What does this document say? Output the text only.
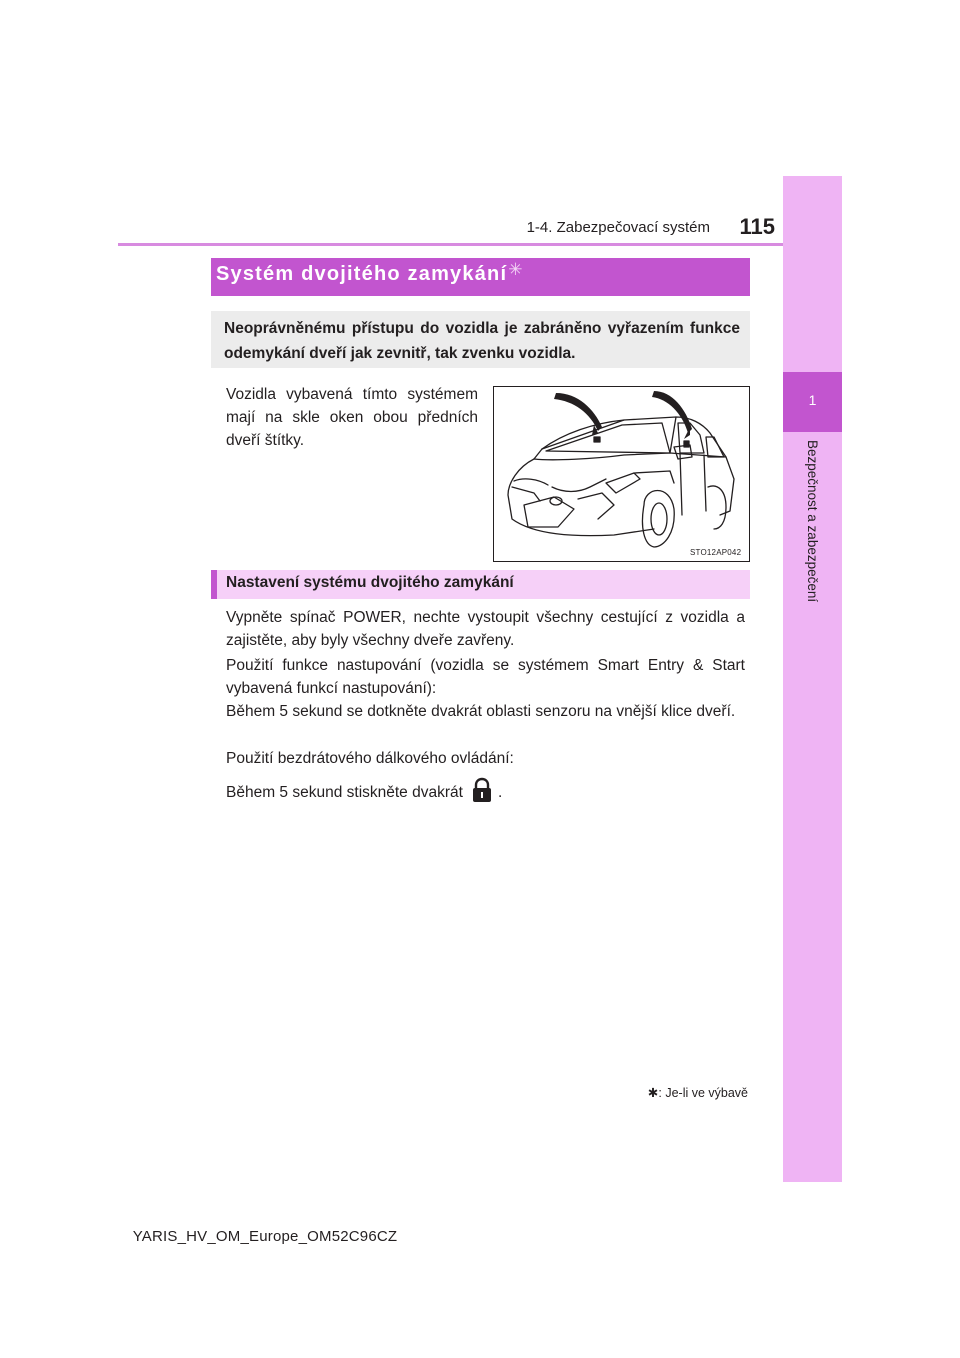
1-4. Zabezpečovací systém	115
1
Bezpečnost a zabezpečení
Systém dvojitého zamykání✳
Neoprávněnému přístupu do vozidla je zabráněno vyřazením funkce odemykání dveří jak zevnitř, tak zvenku vozidla.
Vozidla vybavená tímto systémem mají na skle oken obou předních dveří štítky.
STO12AP042
Nastavení systému dvojitého zamykání
Vypněte spínač POWER, nechte vystoupit všechny cestující z vozidla a zajistěte, aby byly všechny dveře zavřeny.
Použití funkce nastupování (vozidla se systémem Smart Entry & Start vybavená funkcí nastupování):
Během 5 sekund se dotkněte dvakrát oblasti senzoru na vnější klice dveří.
Použití bezdrátového dálkového ovládání:
Během 5 sekund stiskněte dvakrát .
✱: Je-li ve výbavě
YARIS_HV_OM_Europe_OM52C96CZ
